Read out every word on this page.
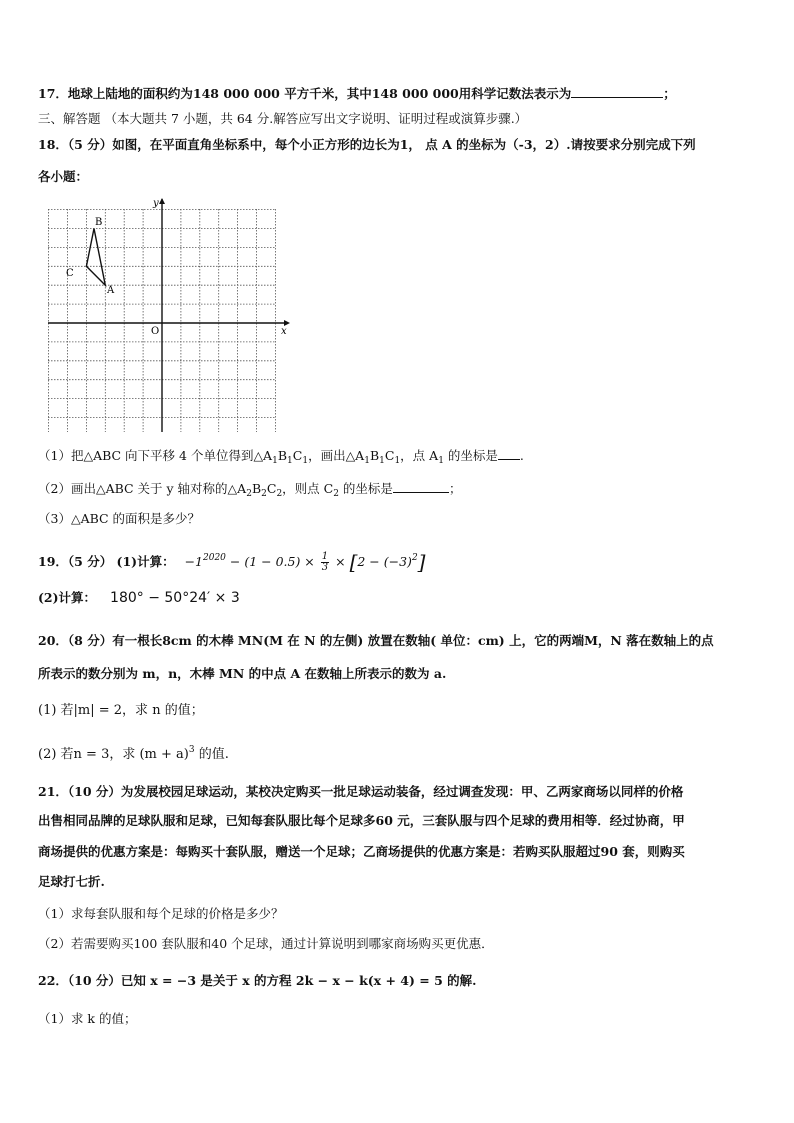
17．地球上陆地的面积约为148 000 000 平方千米，其中148 000 000用科学记数法表示为	；
三、解答题 （本大题共 7 小题，共 64 分.解答应写出文字说明、证明过程或演算步骤.）
18．（5 分）如图，在平面直角坐标系中，每个小正方形的边长为1， 点 A 的坐标为（-3，2）.请按要求分别完成下列
各小题：
x
y
O
A
B
C
（1）把△ABC 向下平移 4 个单位得到$\triangle A_1B_1C_1$，画出$\triangle A_1B_1C_1$，点 $A_1$ 的坐标是 .
（2）画出△ABC 关于 y 轴对称的$\triangle A_2B_2C_2$，则点 $C_2$ 的坐标是	；
（3）△ABC 的面积是多少？
19．（5 分） (1)计算： $-1^{2020} - (1 - 0.5) \times \frac{1}{3} \times [2 - (-3)^2]$
(2)计算： 180° − 50°24′ × 3
20．（8 分）有一根长8cm 的木棒 MN(M 在 N 的左侧) 放置在数轴( 单位：cm) 上，它的两端M，N 落在数轴上的点
所表示的数分别为 m，n，木棒 MN 的中点 A 在数轴上所表示的数为 a.
(1) 若|m| = 2，求 n 的值；
(2) 若n = 3，求 $(m + a)^3$ 的值.
21．（10 分）为发展校园足球运动，某校决定购买一批足球运动装备，经过调查发现：甲、乙两家商场以同样的价格
出售相同品牌的足球队服和足球，已知每套队服比每个足球多60 元，三套队服与四个足球的费用相等．经过协商，甲
商场提供的优惠方案是：每购买十套队服，赠送一个足球；乙商场提供的优惠方案是：若购买队服超过90 套，则购买
足球打七折.
（1）求每套队服和每个足球的价格是多少？
（2）若需要购买100 套队服和40 个足球，通过计算说明到哪家商场购买更优惠．
22．（10 分）已知 x = −3 是关于 x 的方程 2k − x − k(x + 4) = 5 的解.
（1）求 k 的值；
